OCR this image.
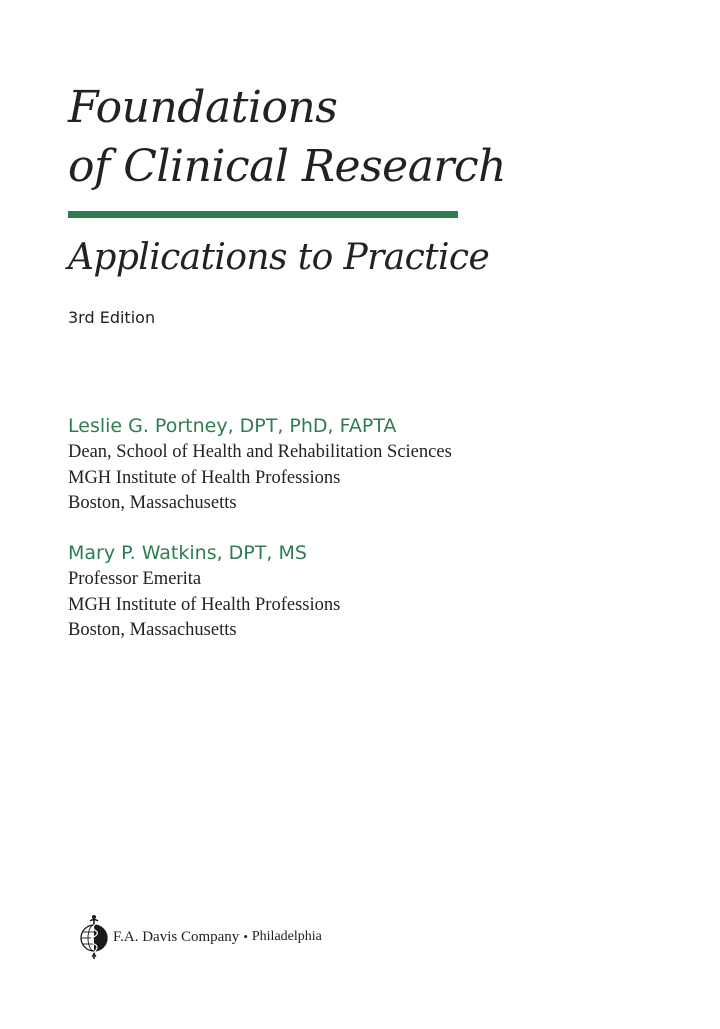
Foundations
of Clinical Research
Applications to Practice
3rd Edition
Leslie G. Portney, DPT, PhD, FAPTA
Dean, School of Health and Rehabilitation Sciences
MGH Institute of Health Professions
Boston, Massachusetts
Mary P. Watkins, DPT, MS
Professor Emerita
MGH Institute of Health Professions
Boston, Massachusetts
F.A. Davis Company • Philadelphia
